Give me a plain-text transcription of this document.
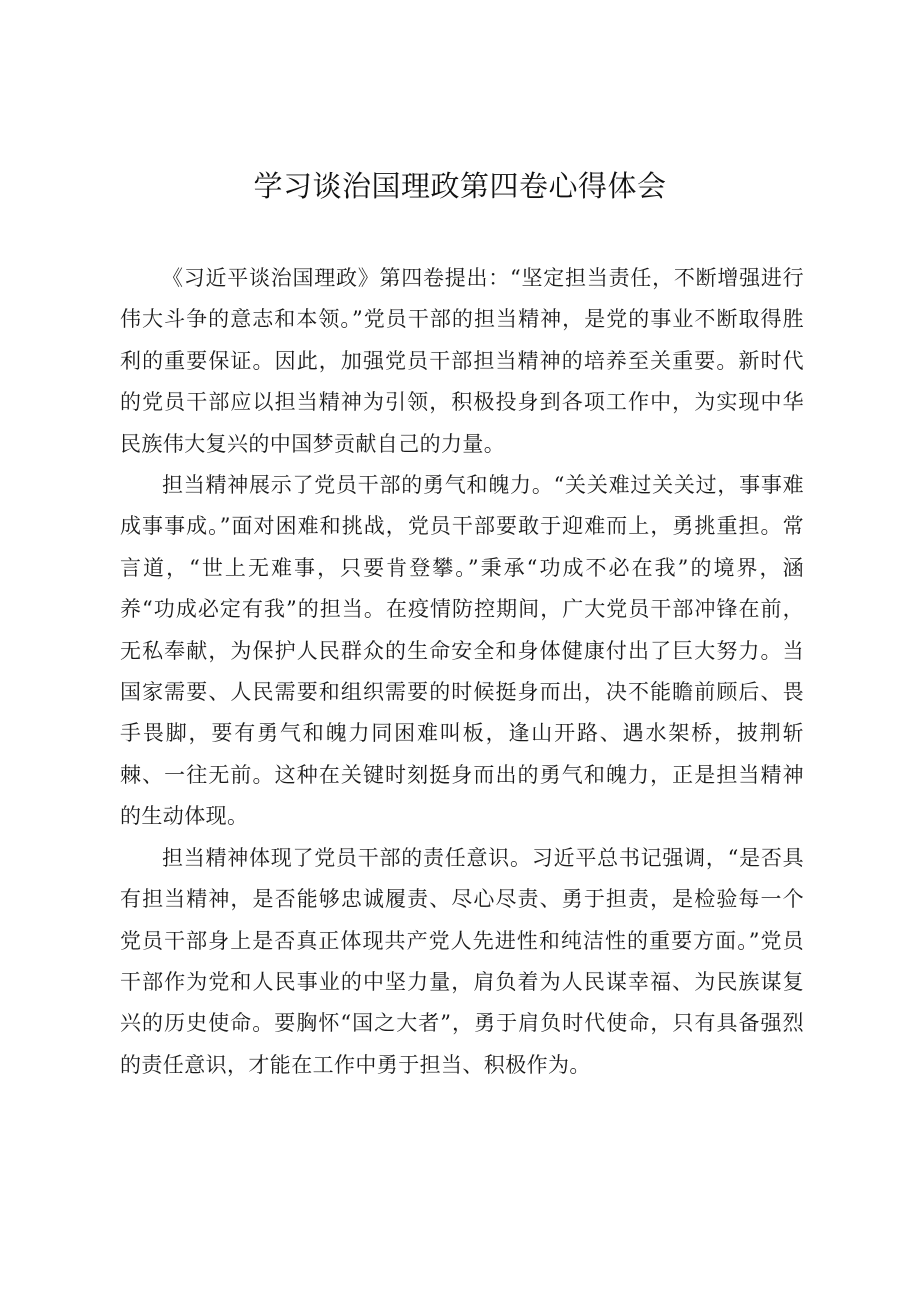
学习谈治国理政第四卷心得体会

《习近平谈治国理政》第四卷提出：“坚定担当责任，不断增强进行伟大斗争的意志和本领。”党员干部的担当精神，是党的事业不断取得胜利的重要保证。因此，加强党员干部担当精神的培养至关重要。新时代的党员干部应以担当精神为引领，积极投身到各项工作中，为实现中华民族伟大复兴的中国梦贡献自己的力量。

担当精神展示了党员干部的勇气和魄力。“关关难过关关过，事事难成事事成。”面对困难和挑战，党员干部要敢于迎难而上，勇挑重担。常言道，“世上无难事，只要肯登攀。”秉承“功成不必在我”的境界，涵养“功成必定有我”的担当。在疫情防控期间，广大党员干部冲锋在前，无私奉献，为保护人民群众的生命安全和身体健康付出了巨大努力。当国家需要、人民需要和组织需要的时候挺身而出，决不能瞻前顾后、畏手畏脚，要有勇气和魄力同困难叫板，逢山开路、遇水架桥，披荆斩棘、一往无前。这种在关键时刻挺身而出的勇气和魄力，正是担当精神的生动体现。

担当精神体现了党员干部的责任意识。习近平总书记强调，“是否具有担当精神，是否能够忠诚履责、尽心尽责、勇于担责，是检验每一个党员干部身上是否真正体现共产党人先进性和纯洁性的重要方面。”党员干部作为党和人民事业的中坚力量，肩负着为人民谋幸福、为民族谋复兴的历史使命。要胸怀“国之大者”，勇于肩负时代使命，只有具备强烈的责任意识，才能在工作中勇于担当、积极作为。
